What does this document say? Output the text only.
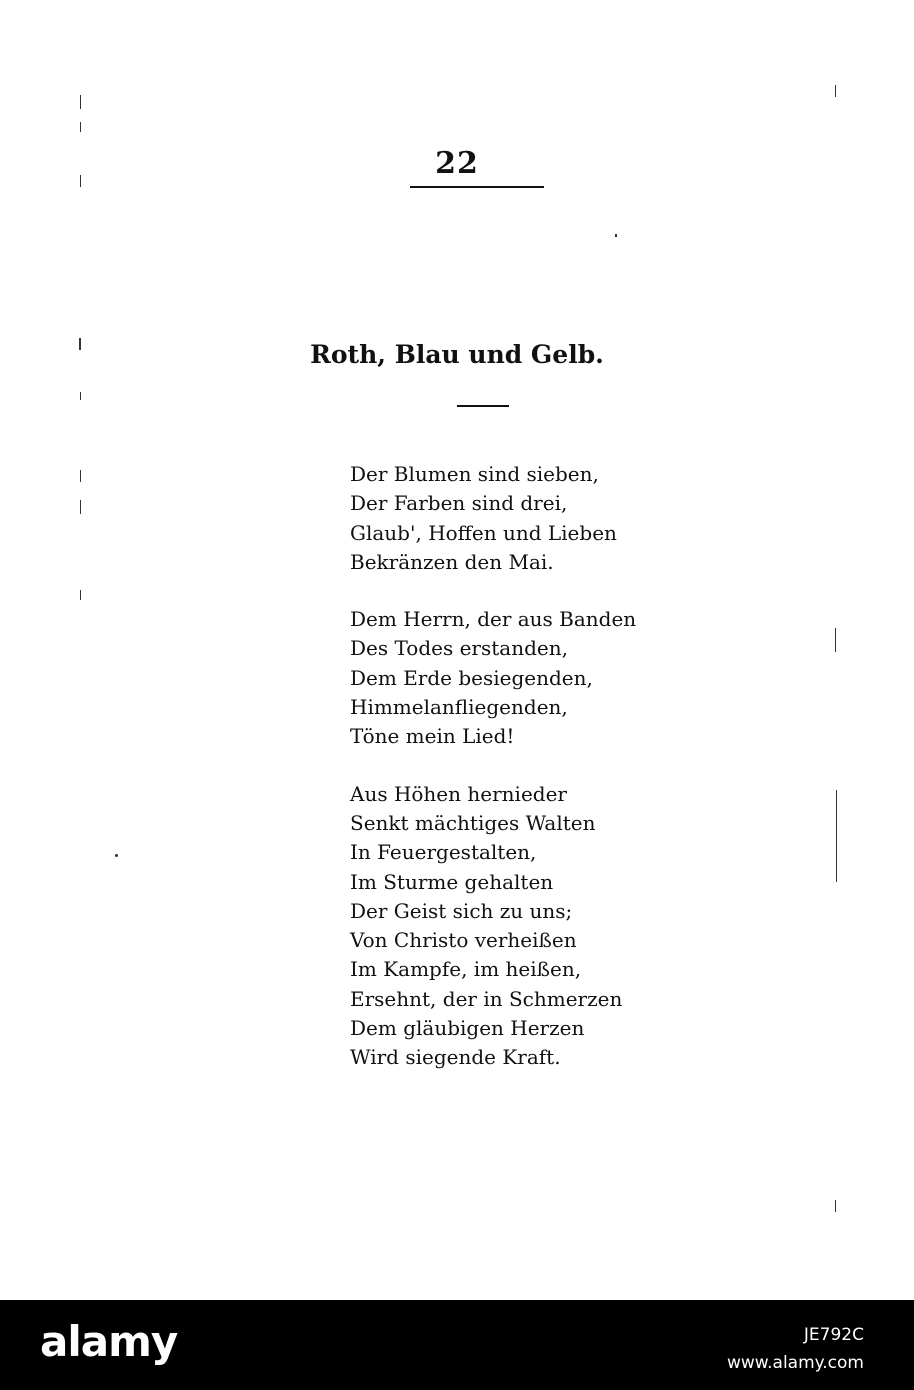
22
Roth, Blau und Gelb.
Der Blumen sind sieben,
Der Farben sind drei,
Glaub', Hoffen und Lieben
Bekränzen den Mai.
Dem Herrn, der aus Banden
Des Todes erstanden,
Dem Erde besiegenden,
Himmelanfliegenden,
Töne mein Lied!
Aus Höhen hernieder
Senkt mächtiges Walten
In Feuergestalten,
Im Sturme gehalten
Der Geist sich zu uns;
Von Christo verheißen
Im Kampfe, im heißen,
Ersehnt, der in Schmerzen
Dem gläubigen Herzen
Wird siegende Kraft.
alamy	JE792C
www.alamy.com
